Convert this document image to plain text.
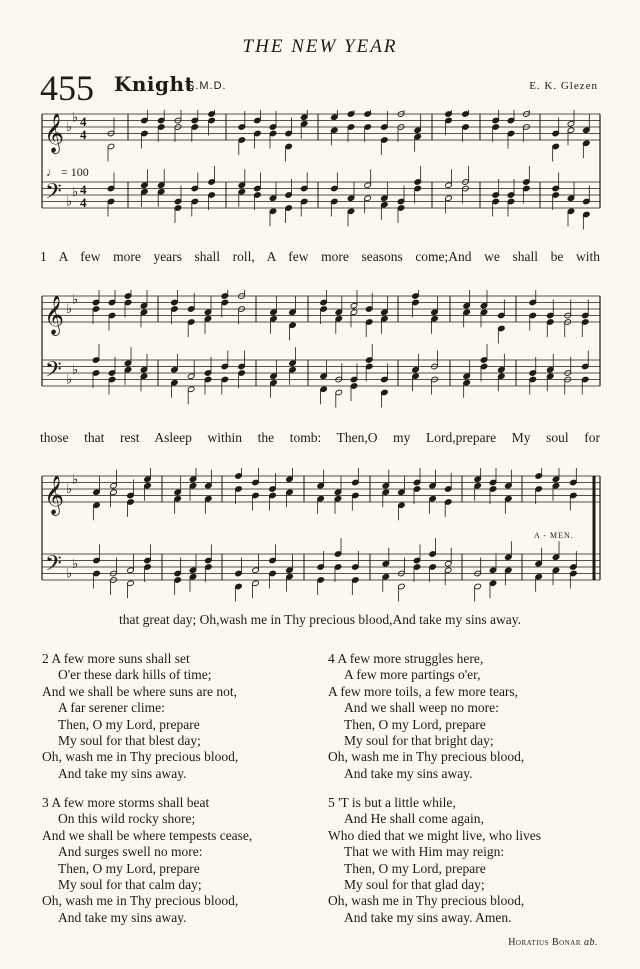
THE NEW YEAR
455 Knight
S.M.D.	E. K. Glezen
𝄞
𝄢
♭
♭
♭
♭
4
4
4
4
♩ = 100
1 A few more years shall roll, A few more seasons come;And we shall be with
𝄞
𝄢
♭
♭
♭
♭
those that rest Asleep within the tomb: Then,O my Lord,prepare My soul for
𝄞
𝄢
♭
♭
♭
♭
A - MEN.
that great day; Oh,wash me in Thy precious blood,And take my sins away.
2 A few more suns shall set
O'er these dark hills of time;
And we shall be where suns are not,
A far serener clime:
Then, O my Lord, prepare
My soul for that blest day;
Oh, wash me in Thy precious blood,
And take my sins away.
4 A few more struggles here,
A few more partings o'er,
A few more toils, a few more tears,
And we shall weep no more:
Then, O my Lord, prepare
My soul for that bright day;
Oh, wash me in Thy precious blood,
And take my sins away.
3 A few more storms shall beat
On this wild rocky shore;
And we shall be where tempests cease,
And surges swell no more:
Then, O my Lord, prepare
My soul for that calm day;
Oh, wash me in Thy precious blood,
And take my sins away.
5 'T is but a little while,
And He shall come again,
Who died that we might live, who lives
That we with Him may reign:
Then, O my Lord, prepare
My soul for that glad day;
Oh, wash me in Thy precious blood,
And take my sins away. Amen.
Horatius Bonar ab.
